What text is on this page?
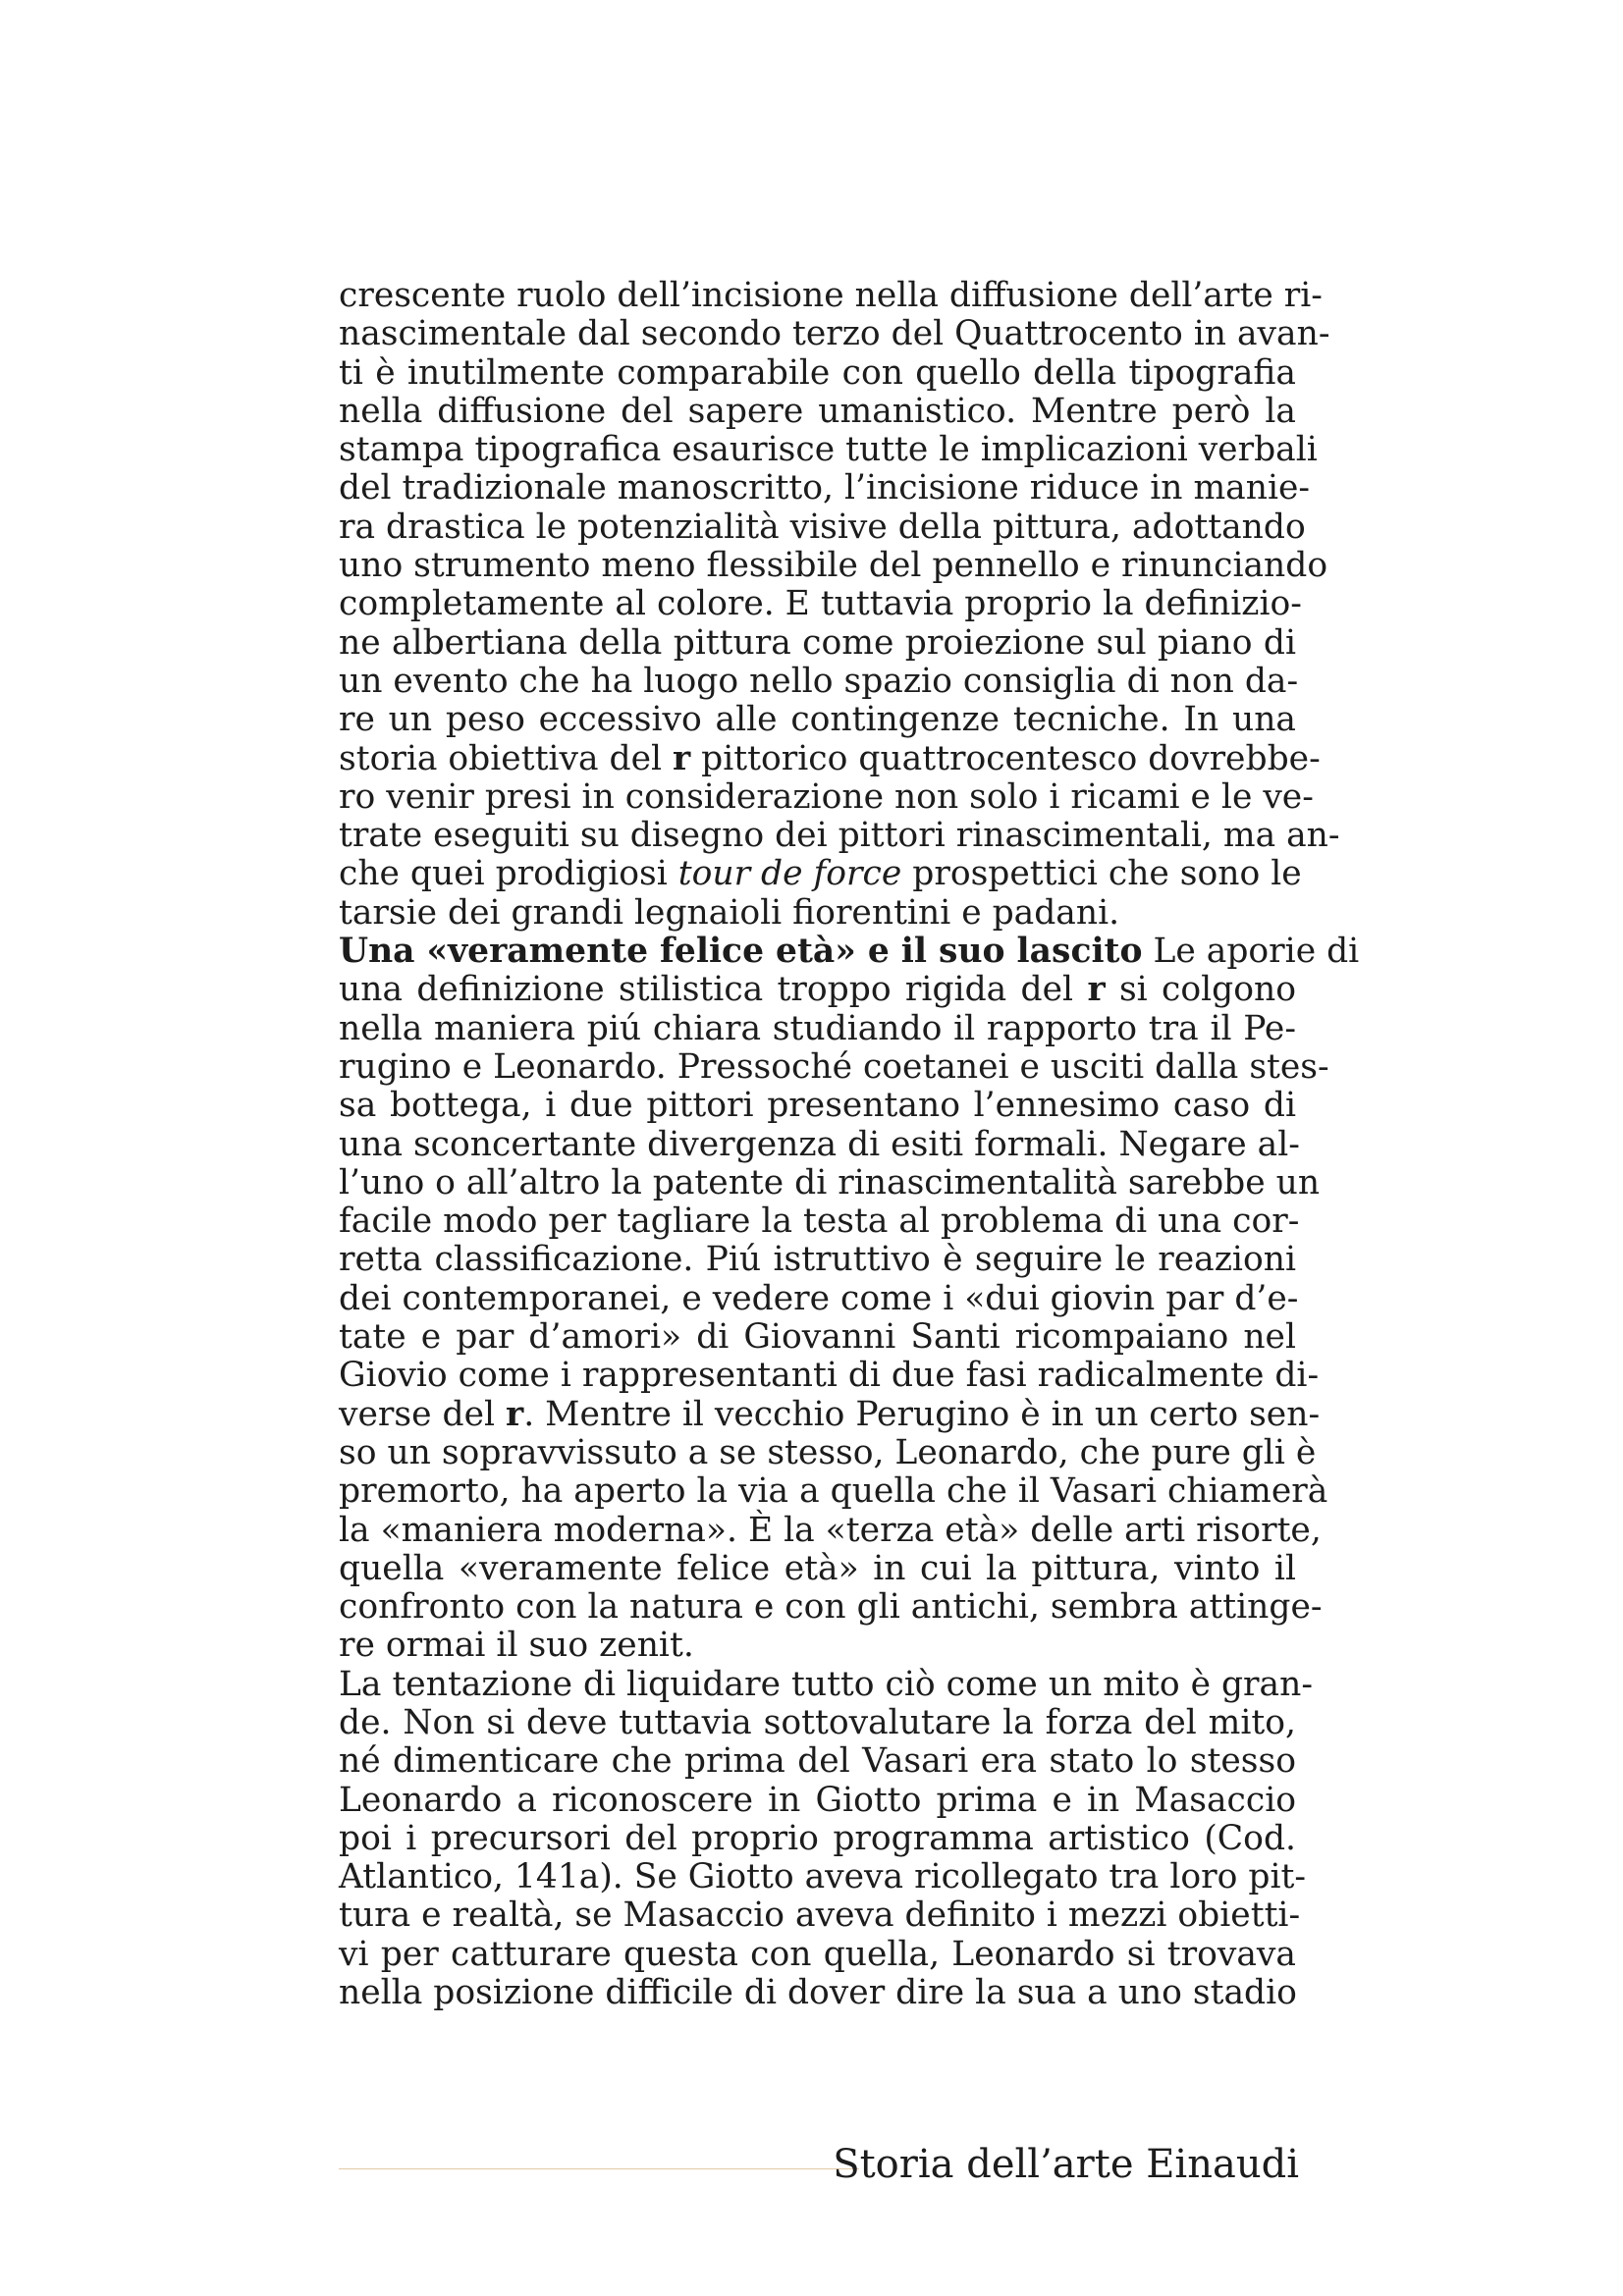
crescente ruolo dell’incisione nella diffusione dell’arte ri-
nascimentale dal secondo terzo del Quattrocento in avan-
ti è inutilmente comparabile con quello della tipografia
nella diffusione del sapere umanistico. Mentre però la
stampa tipografica esaurisce tutte le implicazioni verbali
del tradizionale manoscritto, l’incisione riduce in manie-
ra drastica le potenzialità visive della pittura, adottando
uno strumento meno flessibile del pennello e rinunciando
completamente al colore. E tuttavia proprio la definizio-
ne albertiana della pittura come proiezione sul piano di
un evento che ha luogo nello spazio consiglia di non da-
re un peso eccessivo alle contingenze tecniche. In una
storia obiettiva del r pittorico quattrocentesco dovrebbe-
ro venir presi in considerazione non solo i ricami e le ve-
trate eseguiti su disegno dei pittori rinascimentali, ma an-
che quei prodigiosi tour de force prospettici che sono le
tarsie dei grandi legnaioli fiorentini e padani.
Una «veramente felice età» e il suo lascito Le aporie di
una definizione stilistica troppo rigida del r si colgono
nella maniera piú chiara studiando il rapporto tra il Pe-
rugino e Leonardo. Pressoché coetanei e usciti dalla stes-
sa bottega, i due pittori presentano l’ennesimo caso di
una sconcertante divergenza di esiti formali. Negare al-
l’uno o all’altro la patente di rinascimentalità sarebbe un
facile modo per tagliare la testa al problema di una cor-
retta classificazione. Piú istruttivo è seguire le reazioni
dei contemporanei, e vedere come i «dui giovin par d’e-
tate e par d’amori» di Giovanni Santi ricompaiano nel
Giovio come i rappresentanti di due fasi radicalmente di-
verse del r. Mentre il vecchio Perugino è in un certo sen-
so un sopravvissuto a se stesso, Leonardo, che pure gli è
premorto, ha aperto la via a quella che il Vasari chiamerà
la «maniera moderna». È la «terza età» delle arti risorte,
quella «veramente felice età» in cui la pittura, vinto il
confronto con la natura e con gli antichi, sembra attinge-
re ormai il suo zenit.
La tentazione di liquidare tutto ciò come un mito è gran-
de. Non si deve tuttavia sottovalutare la forza del mito,
né dimenticare che prima del Vasari era stato lo stesso
Leonardo a riconoscere in Giotto prima e in Masaccio
poi i precursori del proprio programma artistico (Cod.
Atlantico, 141a). Se Giotto aveva ricollegato tra loro pit-
tura e realtà, se Masaccio aveva definito i mezzi obietti-
vi per catturare questa con quella, Leonardo si trovava
nella posizione difficile di dover dire la sua a uno stadio
Storia dell’arte Einaudi
